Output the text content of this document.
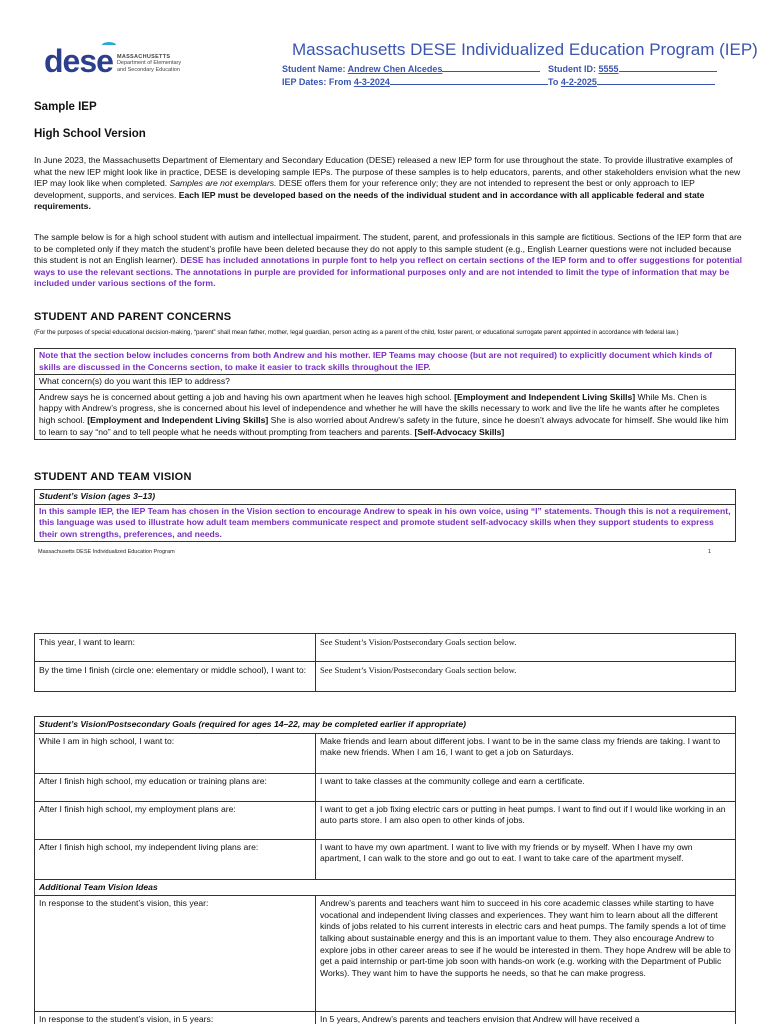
dese MASSACHUSETTS
Department of Elementary
and Secondary Education
Massachusetts DESE Individualized Education Program (IEP)
Student Name: Andrew Chen Alcedes	Student ID: 5555
IEP Dates: From 4-3-2024	To 4-2-2025
Sample IEP
High School Version
In June 2023, the Massachusetts Department of Elementary and Secondary Education (DESE) released a new IEP form for use throughout the state. To provide illustrative examples of what the new IEP might look like in practice, DESE is developing sample IEPs. The purpose of these samples is to help educators, parents, and other stakeholders envision what the new IEP may look like when completed. Samples are not exemplars. DESE offers them for your reference only; they are not intended to represent the best or only approach to IEP development, supports, and services. Each IEP must be developed based on the needs of the individual student and in accordance with all applicable federal and state requirements.
The sample below is for a high school student with autism and intellectual impairment. The student, parent, and professionals in this sample are fictitious. Sections of the IEP form that are to be completed only if they match the student’s profile have been deleted because they do not apply to this sample student (e.g., English Learner questions were not included because this student is not an English learner). DESE has included annotations in purple font to help you reflect on certain sections of the IEP form and to offer suggestions for potential ways to use the relevant sections. The annotations in purple are provided for informational purposes only and are not intended to limit the type of information that may be included under various sections of the form.
STUDENT AND PARENT CONCERNS
(For the purposes of special educational decision-making, “parent” shall mean father, mother, legal guardian, person acting as a parent of the child, foster parent, or educational surrogate parent appointed in accordance with federal law.)
Note that the section below includes concerns from both Andrew and his mother. IEP Teams may choose (but are not required) to explicitly document which kinds of skills are discussed in the Concerns section, to make it easier to track skills throughout the IEP.
What concern(s) do you want this IEP to address?
Andrew says he is concerned about getting a job and having his own apartment when he leaves high school. [Employment and Independent Living Skills] While Ms. Chen is happy with Andrew’s progress, she is concerned about his level of independence and whether he will have the skills necessary to work and live the life he wants after he completes high school. [Employment and Independent Living Skills] She is also worried about Andrew’s safety in the future, since he doesn’t always advocate for himself. She would like him to learn to say “no” and to tell people what he needs without prompting from teachers and parents. [Self-Advocacy Skills]
STUDENT AND TEAM VISION
Student’s Vision (ages 3–13)
In this sample IEP, the IEP Team has chosen in the Vision section to encourage Andrew to speak in his own voice, using “I” statements. Though this is not a requirement, this language was used to illustrate how adult team members communicate respect and promote student self-advocacy skills when they support students to express their own strengths, preferences, and needs.
Massachusetts DESE Individualized Education Program	1
This year, I want to learn:	See Student’s Vision/Postsecondary Goals section below.
By the time I finish (circle one: elementary or middle school), I want to:	See Student’s Vision/Postsecondary Goals section below.
Student’s Vision/Postsecondary Goals (required for ages 14–22, may be completed earlier if appropriate)	
While I am in high school, I want to:	Make friends and learn about different jobs. I want to be in the same class my friends are taking. I want to make new friends. When I am 16, I want to get a job on Saturdays.
After I finish high school, my education or training plans are:	I want to take classes at the community college and earn a certificate.
After I finish high school, my employment plans are:	I want to get a job fixing electric cars or putting in heat pumps. I want to find out if I would like working in an auto parts store. I am also open to other kinds of jobs.
After I finish high school, my independent living plans are:	I want to have my own apartment. I want to live with my friends or by myself. When I have my own apartment, I can walk to the store and go out to eat. I want to take care of the apartment myself.
Additional Team Vision Ideas	
In response to the student’s vision, this year:	Andrew’s parents and teachers want him to succeed in his core academic classes while starting to have vocational and independent living classes and experiences. They want him to learn about all the different kinds of jobs related to his current interests in electric cars and heat pumps. The family spends a lot of time talking about sustainable energy and this is an important value to them. They also encourage Andrew to explore jobs in other career areas to see if he would be interested in them. They hope Andrew will be able to get a paid internship or part-time job soon with hands-on work (e.g. working with the Department of Public Works). They want him to have the supports he needs, so that he can make progress.
In response to the student’s vision, in 5 years:	In 5 years, Andrew’s parents and teachers envision that Andrew will have received a
